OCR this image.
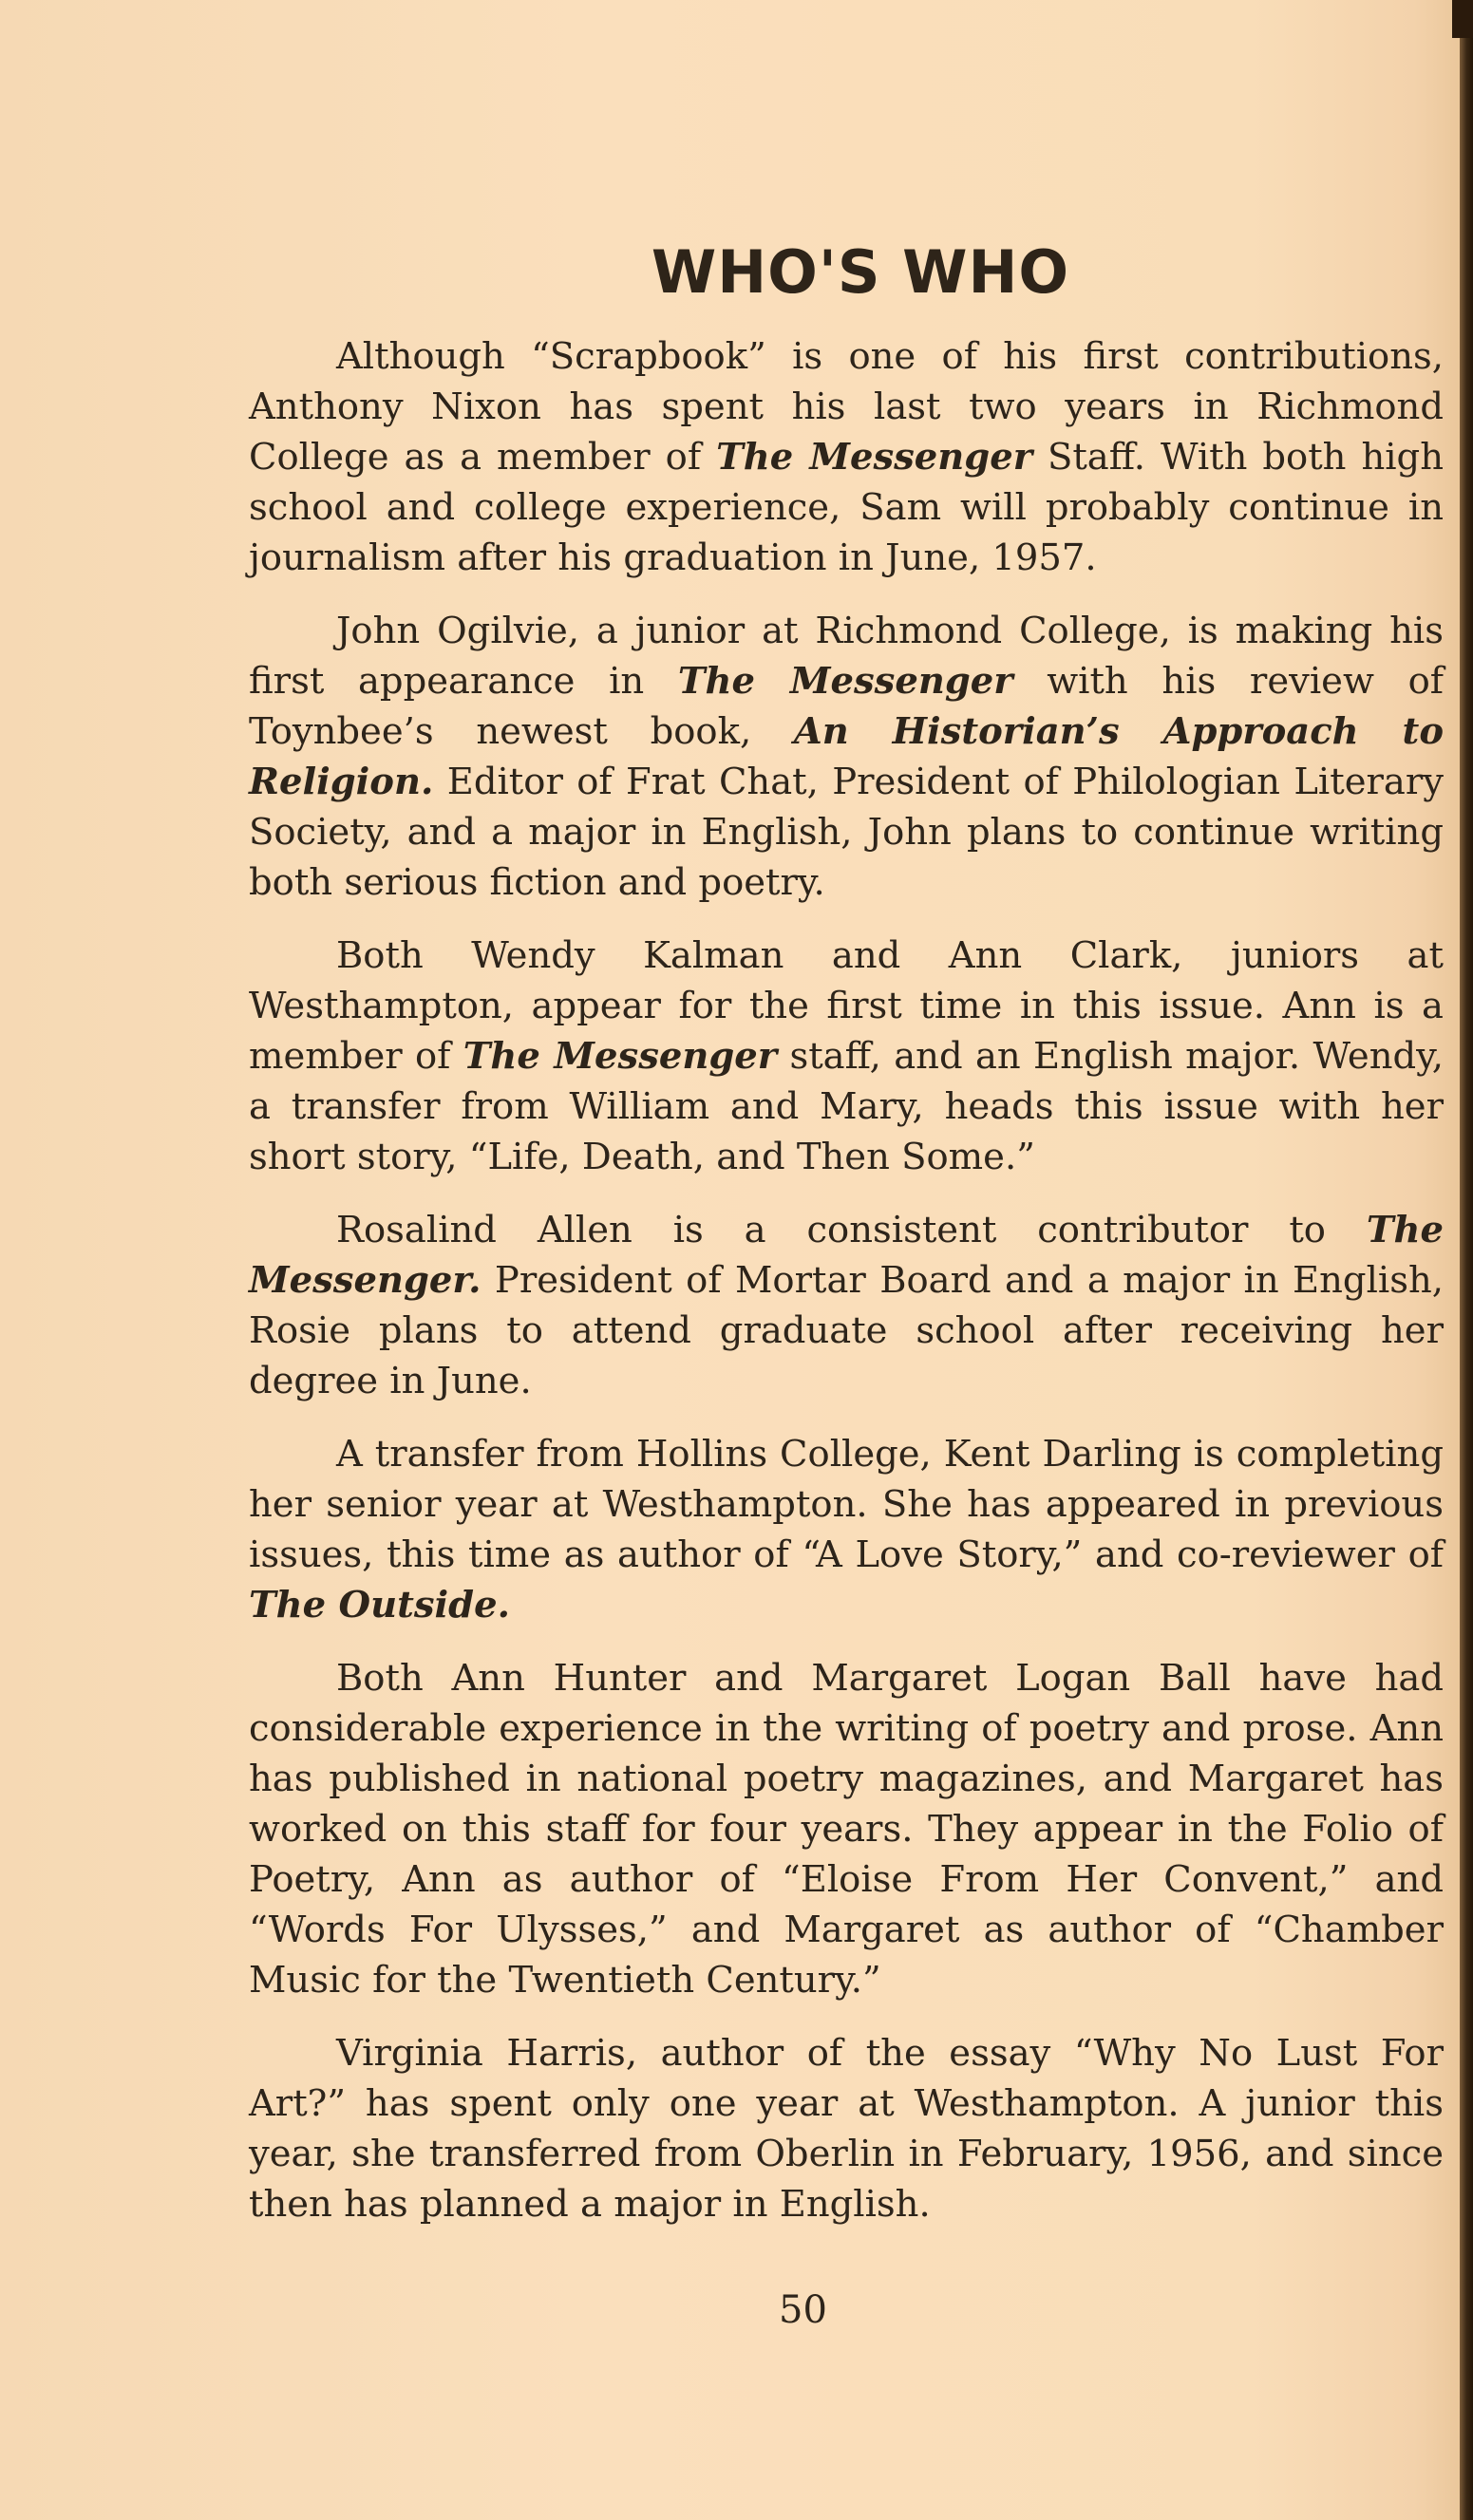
WHO'S WHO

Although “Scrapbook” is one of his first contributions, Anthony Nixon has spent his last two years in Richmond College as a member of The Messenger Staff. With both high school and college experience, Sam will probably continue in journalism after his graduation in June, 1957.

John Ogilvie, a junior at Richmond College, is making his first appearance in The Messenger with his review of Toynbee’s newest book, An Historian’s Approach to Religion. Editor of Frat Chat, President of Philologian Literary Society, and a major in English, John plans to continue writing both serious fiction and poetry.

Both Wendy Kalman and Ann Clark, juniors at Westhampton, appear for the first time in this issue. Ann is a member of The Messenger staff, and an English major. Wendy, a transfer from William and Mary, heads this issue with her short story, “Life, Death, and Then Some.”

Rosalind Allen is a consistent contributor to The Messenger. President of Mortar Board and a major in English, Rosie plans to attend graduate school after receiving her degree in June.

A transfer from Hollins College, Kent Darling is completing her senior year at Westhampton. She has appeared in previous issues, this time as author of “A Love Story,” and co-reviewer of The Outside.

Both Ann Hunter and Margaret Logan Ball have had considerable experience in the writing of poetry and prose. Ann has published in national poetry magazines, and Margaret has worked on this staff for four years. They appear in the Folio of Poetry, Ann as author of “Eloise From Her Convent,” and “Words For Ulysses,” and Margaret as author of “Chamber Music for the Twentieth Century.”

Virginia Harris, author of the essay “Why No Lust For Art?” has spent only one year at Westhampton. A junior this year, she transferred from Oberlin in February, 1956, and since then has planned a major in English.

50
